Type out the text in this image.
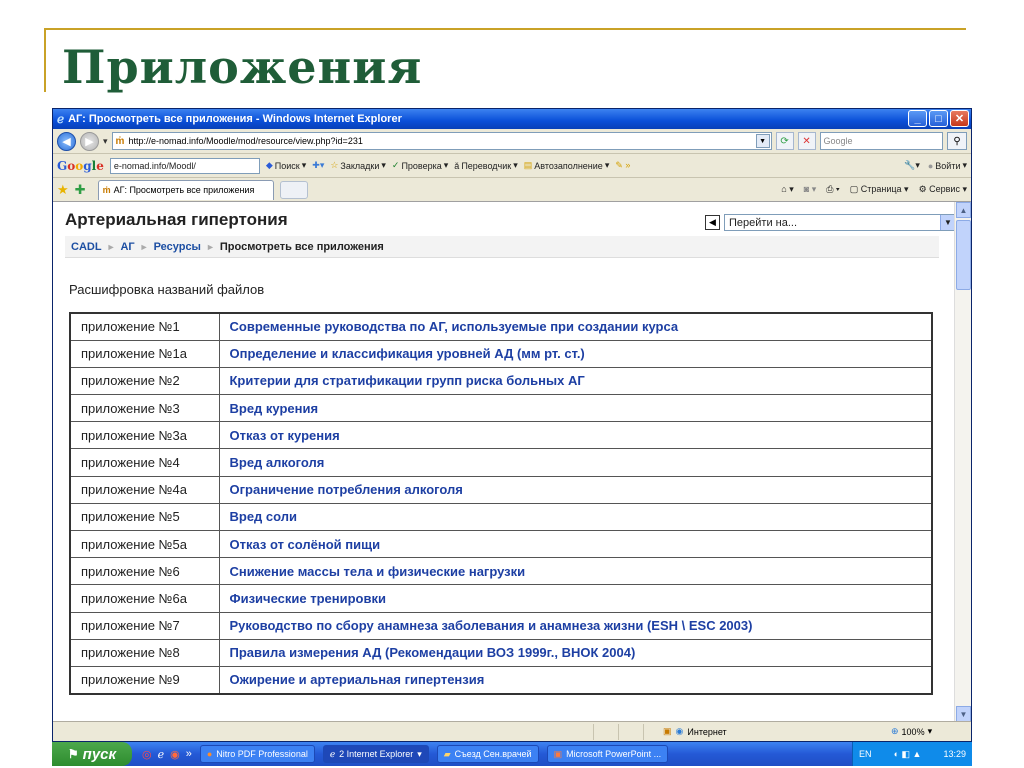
Приложения
ℯ АГ: Просмотреть все приложения - Windows Internet Explorer	_	□	✕
◀	▶	▾ ṁ http://e-nomad.info/Moodle/mod/resource/view.php?id=231	▼	⟳	✕	Google	⚲
Google	e-nomad.info/Moodl/	◆ Поиск ▾ ✚▾ ☆ Закладки ▾ ✓ Проверка ▾ ǎ Переводчик ▾ ▤ Автозаполнение ▾ ✎ »	🔧▾ ● Войти ▾
★ ✚ ṁ АГ: Просмотреть все приложения	⌂ ▾ ◙ ▾ ⎙ ▾ ▢ Страница ▾ ⚙ Сервис ▾
Артериальная гипертония	◀	Перейти на...	▼
CADL ► АГ ► Ресурсы ► Просмотреть все приложения
Расшифровка названий файлов
приложение №1	Современные руководства по АГ, используемые при создании курса
приложение №1а	Определение и классификация уровней АД (мм рт. ст.)
приложение №2	Критерии для стратификации групп риска больных АГ
приложение №3	Вред курения
приложение №3а	Отказ от курения
приложение №4	Вред алкоголя
приложение №4а	Ограничение потребления алкоголя
приложение №5	Вред соли
приложение №5а	Отказ от солёной пищи
приложение №6	Снижение массы тела и физические нагрузки
приложение №6а	Физические тренировки
приложение №7	Руководство по сбору анамнеза заболевания и анамнеза жизни (ESH \ ESC 2003)
приложение №8	Правила измерения АД (Рекомендации ВОЗ 1999г., ВНОК 2004)
приложение №9	Ожирение и артериальная гипертензия
▲
▼
▣ ◉ Интернет	⊕ 100% ▾
⚑ пуск ◎ ℯ ◉ » ● Nitro PDF Professional ℯ 2 Internet Explorer ▾ ▰ Съезд Сен.врачей ▣ Microsoft PowerPoint ...	EN ◐ ◧ ▲ 13:29
